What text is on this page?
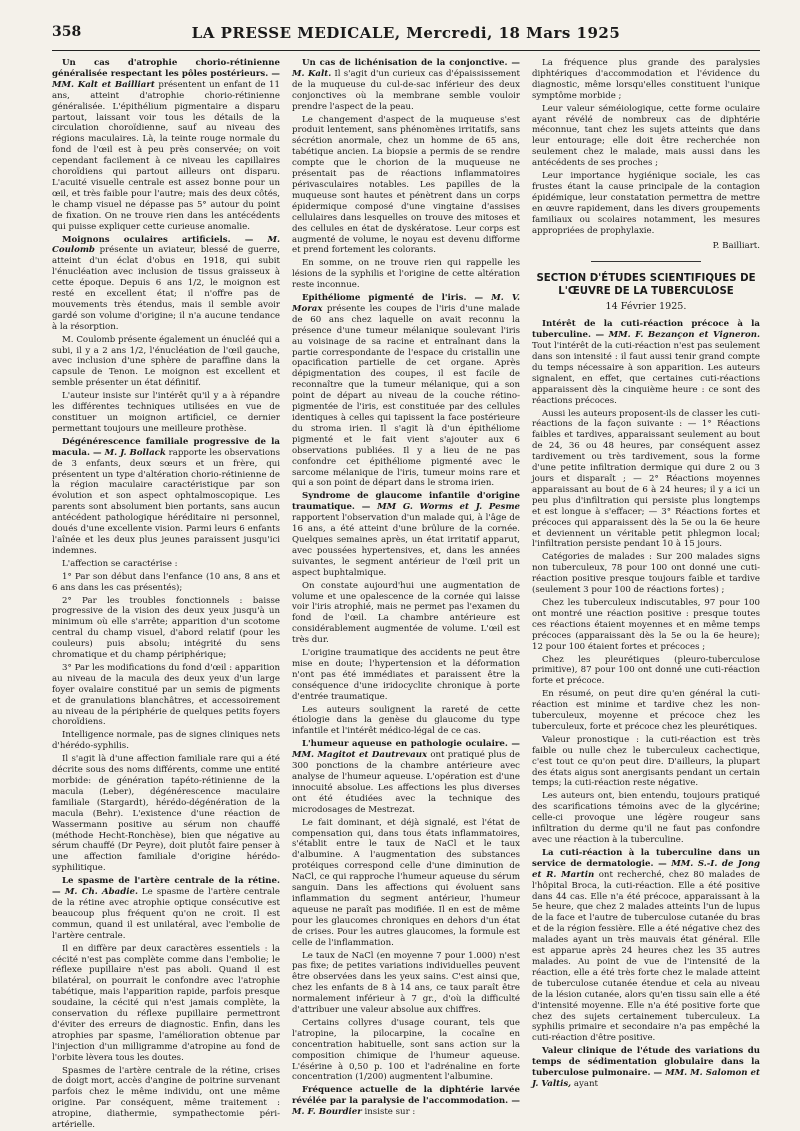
358	LA PRESSE MEDICALE, Mercredi, 18 Mars 1925

Un cas d'atrophie chorio-rétinienne généralisée respectant les pôles postérieurs. — MM. Kalt et Bailliart présentent un enfant de 11 ans, atteint d'atrophie chorio-rétinienne généralisée. L'épithélium pigmentaire a disparu partout, laissant voir tous les détails de la circulation choroïdienne, sauf au niveau des régions maculaires. Là, la teinte rouge normale du fond de l'œil est à peu près conservée; on voit cependant facilement à ce niveau les capillaires choroïdiens qui partout ailleurs ont disparu. L'acuité visuelle centrale est assez bonne pour un œil, et très faible pour l'autre; mais des deux côtés, le champ visuel ne dépasse pas 5° autour du point de fixation. On ne trouve rien dans les antécédents qui puisse expliquer cette curieuse anomalie.

Moignons oculaires artificiels. — M. Coulomb présente un aviateur, blessé de guerre, atteint d'un éclat d'obus en 1918, qui subit l'énucléation avec inclusion de tissus graisseux à cette époque. Depuis 6 ans 1/2, le moignon est resté en excellent état; il n'offre pas de mouvements très étendus, mais il semble avoir gardé son volume d'origine; il n'a aucune tendance à la résorption.

M. Coulomb présente également un énucléé qui a subi, il y a 2 ans 1/2, l'énucléation de l'œil gauche, avec inclusion d'une sphère de paraffine dans la capsule de Tenon. Le moignon est excellent et semble présenter un état définitif.

L'auteur insiste sur l'intérêt qu'il y a à répandre les différentes techniques utilisées en vue de constituer un moignon artificiel, ce dernier permettant toujours une meilleure prothèse.

Dégénérescence familiale progressive de la macula. — M. J. Bollack rapporte les observations de 3 enfants, deux sœurs et un frère, qui présentent un type d'altération chorio-rétinienne de la région maculaire caractéristique par son évolution et son aspect ophtalmoscopique. Les parents sont absolument bien portants, sans aucun antécédent pathologique héréditaire ni personnel, doués d'une excellente vision. Parmi leurs 6 enfants l'aînée et les deux plus jeunes paraissent jusqu'ici indemnes.

L'affection se caractérise :

1° Par son début dans l'enfance (10 ans, 8 ans et 6 ans dans les cas présentés);

2° Par les troubles fonctionnels : baisse progressive de la vision des deux yeux jusqu'à un minimum où elle s'arrête; apparition d'un scotome central du champ visuel, d'abord relatif (pour les couleurs) puis absolu; intégrité du sens chromatique et du champ périphérique;

3° Par les modifications du fond d'œil : apparition au niveau de la macula des deux yeux d'un large foyer ovalaire constitué par un semis de pigments et de granulations blanchâtres, et accessoirement au niveau de la périphérie de quelques petits foyers choroïdiens.

Intelligence normale, pas de signes cliniques nets d'hérédo-syphilis.

Il s'agit là d'une affection familiale rare qui a été décrite sous des noms différents, comme une entité morbide: de génération tapéto-rétinienne de la macula (Leber), dégénérescence maculaire familiale (Stargardt), hérédo-dégénération de la macula (Behr). L'existence d'une réaction de Wassermann positive au sérum non chauffé (méthode Hecht-Ronchèse), bien que négative au sérum chauffé (Dr Peyre), doit plutôt faire penser à une affection familiale d'origine hérédo-syphilitique.

Le spasme de l'artère centrale de la rétine. — M. Ch. Abadie. Le spasme de l'artère centrale de la rétine avec atrophie optique consécutive est beaucoup plus fréquent qu'on ne croit. Il est commun, quand il est unilatéral, avec l'embolie de l'artère centrale.

Il en diffère par deux caractères essentiels : la cécité n'est pas complète comme dans l'embolie; le réflexe pupillaire n'est pas aboli. Quand il est bilatéral, on pourrait le confondre avec l'atrophie tabétique, mais l'apparition rapide, parfois presque soudaine, la cécité qui n'est jamais complète, la conservation du réflexe pupillaire permettront d'éviter des erreurs de diagnostic. Enfin, dans les atrophies par spasme, l'amélioration obtenue par l'injection d'un milligramme d'atropine au fond de l'orbite lèvera tous les doutes.

Spasmes de l'artère centrale de la rétine, crises de doigt mort, accès d'angine de poitrine survenant parfois chez le même individu, ont une même origine. Par conséquent, même traitement : atropine, diathermie, sympathectomie péri-artérielle.

Un cas de lichénisation de la conjonctive. — M. Kalt. Il s'agit d'un curieux cas d'épaississement de la muqueuse du cul-de-sac inférieur des deux conjonctives où la membrane semble vouloir prendre l'aspect de la peau.

Le changement d'aspect de la muqueuse s'est produit lentement, sans phénomènes irritatifs, sans sécrétion anormale, chez un homme de 65 ans, tabétique ancien. La biopsie a permis de se rendre compte que le chorion de la muqueuse ne présentait pas de réactions inflammatoires périvasculaires notables. Les papilles de la muqueuse sont hautes et pénètrent dans un corps épidermique composé d'une vingtaine d'assises cellulaires dans lesquelles on trouve des mitoses et des cellules en état de dyskératose. Leur corps est augmenté de volume, le noyau est devenu difforme et prend fortement les colorants.

En somme, on ne trouve rien qui rappelle les lésions de la syphilis et l'origine de cette altération reste inconnue.

Epithéliome pigmenté de l'iris. — M. V. Morax présente les coupes de l'iris d'une malade de 60 ans chez laquelle on avait reconnu la présence d'une tumeur mélanique soulevant l'iris au voisinage de sa racine et entraînant dans la partie correspondante de l'espace du cristallin une opacification partielle de cet organe. Après dépigmentation des coupes, il est facile de reconnaître que la tumeur mélanique, qui a son point de départ au niveau de la couche rétino-pigmentée de l'iris, est constituée par des cellules identiques à celles qui tapissent la face postérieure du stroma irien. Il s'agit là d'un épithéliome pigmenté et le fait vient s'ajouter aux 6 observations publiées. Il y a lieu de ne pas confondre cet épithéliome pigmenté avec le sarcome mélanique de l'iris, tumeur moins rare et qui a son point de départ dans le stroma irien.

Syndrome de glaucome infantile d'origine traumatique. — MM G. Worms et J. Pesme rapportent l'observation d'un malade qui, à l'âge de 16 ans, a été atteint d'une brûlure de la cornée. Quelques semaines après, un état irritatif apparut, avec poussées hypertensives, et, dans les années suivantes, le segment antérieur de l'œil prit un aspect buphtalmique.

On constate aujourd'hui une augmentation de volume et une opalescence de la cornée qui laisse voir l'iris atrophié, mais ne permet pas l'examen du fond de l'œil. La chambre antérieure est considérablement augmentée de volume. L'œil est très dur.

L'origine traumatique des accidents ne peut être mise en doute; l'hypertension et la déformation n'ont pas été immédiates et paraissent être la conséquence d'une iridocyclite chronique à porte d'entrée traumatique.

Les auteurs soulignent la rareté de cette étiologie dans la genèse du glaucome du type infantile et l'intérêt médico-légal de ce cas.

L'humeur aqueuse en pathologie oculaire. — MM. Magitot et Dautrevaux ont pratiqué plus de 300 ponctions de la chambre antérieure avec analyse de l'humeur aqueuse. L'opération est d'une innocuité absolue. Les affections les plus diverses ont été étudiées avec la technique des microdosages de Mestrezat.

Le fait dominant, et déjà signalé, est l'état de compensation qui, dans tous états inflammatoires, s'établit entre le taux de NaCl et le taux d'albumine. A l'augmentation des substances protéiques correspond celle d'une diminution de NaCl, ce qui rapproche l'humeur aqueuse du sérum sanguin. Dans les affections qui évoluent sans inflammation du segment antérieur, l'humeur aqueuse ne paraît pas modifiée. Il en est de même pour les glaucomes chroniques en dehors d'un état de crises. Pour les autres glaucomes, la formule est celle de l'inflammation.

Le taux de NaCl (en moyenne 7 pour 1.000) n'est pas fixe; de petites variations individuelles peuvent être observées dans les yeux sains. C'est ainsi que, chez les enfants de 8 à 14 ans, ce taux paraît être normalement inférieur à 7 gr., d'où la difficulté d'attribuer une valeur absolue aux chiffres.

Certains collyres d'usage courant, tels que l'atropine, la pilocarpine, la cocaïne en concentration habituelle, sont sans action sur la composition chimique de l'humeur aqueuse. L'ésérine à 0,50 p. 100 et l'adrénaline en forte concentration (1/200) augmentent l'albumine.

Fréquence actuelle de la diphtérie larvée révélée par la paralysie de l'accommodation. — M. F. Bourdier insiste sur :

La fréquence plus grande des paralysies diphtériques d'accommodation et l'évidence du diagnostic, même lorsqu'elles constituent l'unique symptôme morbide ;

Leur valeur séméiologique, cette forme oculaire ayant révélé de nombreux cas de diphtérie méconnue, tant chez les sujets atteints que dans leur entourage; elle doit être recherchée non seulement chez le malade, mais aussi dans les antécédents de ses proches ;

Leur importance hygiénique sociale, les cas frustes étant la cause principale de la contagion épidémique, leur constatation permettra de mettre en œuvre rapidement, dans les divers groupements familiaux ou scolaires notamment, les mesures appropriées de prophylaxie.

P. Bailliart.
SECTION D'ÉTUDES SCIENTIFIQUES DE L'ŒUVRE DE LA TUBERCULOSE
14 Février 1925.

Intérêt de la cuti-réaction précoce à la tuberculine. — MM. F. Bezançon et Vigneron. Tout l'intérêt de la cuti-réaction n'est pas seulement dans son intensité : il faut aussi tenir grand compte du temps nécessaire à son apparition. Les auteurs signalent, en effet, que certaines cuti-réactions apparaissent dès la cinquième heure : ce sont des réactions précoces.

Aussi les auteurs proposent-ils de classer les cuti-réactions de la façon suivante : — 1° Réactions faibles et tardives, apparaissant seulement au bout de 24, 36 ou 48 heures, par conséquent assez tardivement ou très tardivement, sous la forme d'une petite infiltration dermique qui dure 2 ou 3 jours et disparaît ; — 2° Réactions moyennes apparaissant au bout de 6 à 24 heures; il y a ici un peu plus d'infiltration qui persiste plus longtemps et est longue à s'effacer; — 3° Réactions fortes et précoces qui apparaissent dès la 5e ou la 6e heure et deviennent un véritable petit phlegmon local; l'infiltration persiste pendant 10 à 15 jours.

Catégories de malades : Sur 200 malades signs non tuberculeux, 78 pour 100 ont donné une cuti-réaction positive presque toujours faible et tardive (seulement 3 pour 100 de réactions fortes) ;

Chez les tuberculeux indiscutables, 97 pour 100 ont montré une réaction positive : presque toutes ces réactions étaient moyennes et en même temps précoces (apparaissant dès la 5e ou la 6e heure); 12 pour 100 étaient fortes et précoces ;

Chez les pleurétiques (pleuro-tuberculose primitive), 87 pour 100 ont donné une cuti-réaction forte et précoce.

En résumé, on peut dire qu'en général la cuti-réaction est minime et tardive chez les non-tuberculeux, moyenne et précoce chez les tuberculeux, forte et précoce chez les pleurétiques.

Valeur pronostique : la cuti-réaction est très faible ou nulle chez le tuberculeux cachectique, c'est tout ce qu'on peut dire. D'ailleurs, la plupart des états aigus sont anergisants pendant un certain temps; la cuti-réaction reste négative.

Les auteurs ont, bien entendu, toujours pratiqué des scarifications témoins avec de la glycérine; celle-ci provoque une légère rougeur sans infiltration du derme qu'il ne faut pas confondre avec une réaction à la tuberculine.

La cuti-réaction à la tuberculine dans un service de dermatologie. — MM. S.-I. de Jong et R. Martin ont recherché, chez 80 malades de l'hôpital Broca, la cuti-réaction. Elle a été positive dans 44 cas. Elle n'a été précoce, apparaissant à la 5e heure, que chez 2 malades atteints l'un de lupus de la face et l'autre de tuberculose cutanée du bras et de la région fessière. Elle a été négative chez des malades ayant un très mauvais état général. Elle est apparue après 24 heures chez les 35 autres malades. Au point de vue de l'intensité de la réaction, elle a été très forte chez le malade atteint de tuberculose cutanée étendue et cela au niveau de la lésion cutanée, alors qu'en tissu sain elle a été d'intensité moyenne. Elle n'a été positive forte que chez des sujets certainement tuberculeux. La syphilis primaire et secondaire n'a pas empêché la cuti-réaction d'être positive.

Valeur clinique de l'étude des variations du temps de sédimentation globulaire dans la tuberculose pulmonaire. — MM. M. Salomon et J. Valtis, ayant
